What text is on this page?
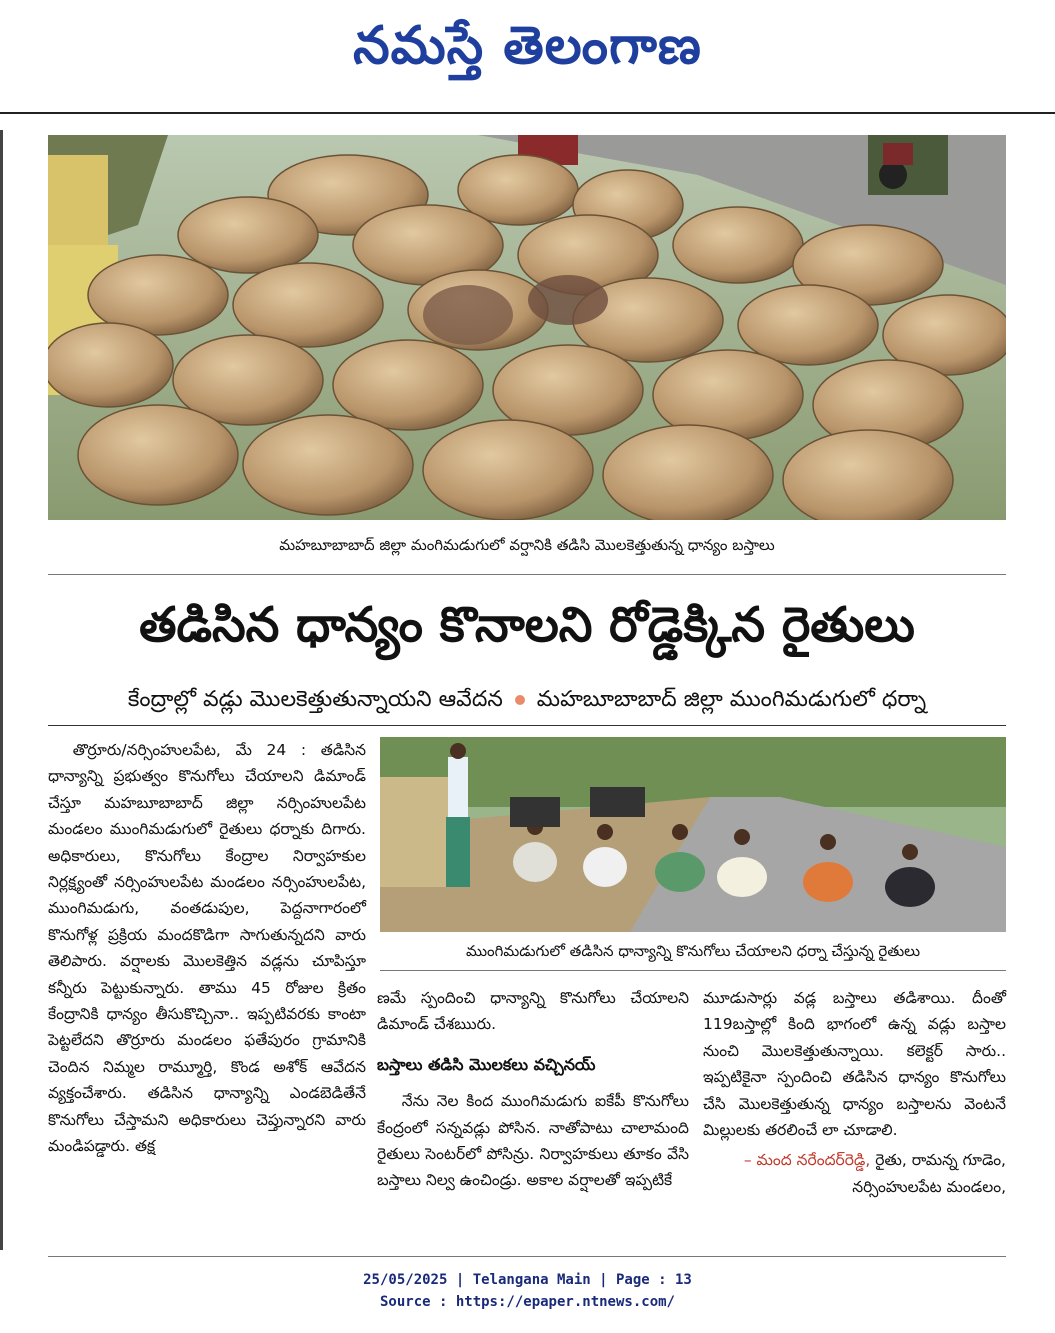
నమస్తే తెలంగాణ
మహబూబాబాద్ జిల్లా మంగిమడుగులో వర్షానికి తడిసి మొలకెత్తుతున్న ధాన్యం బస్తాలు
తడిసిన ధాన్యం కొనాలని రోడ్డెక్కిన రైతులు
కేంద్రాల్లో వడ్లు మొలకెత్తుతున్నాయని ఆవేదన మహబూబాబాద్ జిల్లా ముంగిమడుగులో ధర్నా
ముంగిమడుగులో తడిసిన ధాన్యాన్ని కొనుగోలు చేయాలని ధర్నా చేస్తున్న రైతులు

తొర్రూరు/నర్సింహులపేట, మే 24 : తడిసిన ధాన్యాన్ని ప్రభుత్వం కొనుగోలు చేయాలని డిమాండ్ చేస్తూ మహబూబాబాద్ జిల్లా నర్సింహులపేట మండలం ముంగిమడుగులో రైతులు ధర్నాకు దిగారు. అధికారులు, కొనుగోలు కేంద్రాల నిర్వాహకుల నిర్లక్ష్యంతో నర్సింహులపేట మండలం నర్సింహులపేట, ముంగిమడుగు, వంతడుపుల, పెద్దనాగారంలో కొనుగోళ్ల ప్రక్రియ మందకొడిగా సాగుతున్నదని వారు తెలిపారు. వర్షాలకు మొలకెత్తిన వడ్లను చూపిస్తూ కన్నీరు పెట్టుకున్నారు. తాము 45 రోజుల క్రితం కేంద్రానికి ధాన్యం తీసుకొచ్చినా.. ఇప్పటివరకు కాంటా పెట్టలేదని తొర్రూరు మండలం ఫతేపురం గ్రామానికి చెందిన నిమ్మల రామ్మూర్తి, కొండ అశోక్ ఆవేదన వ్యక్తంచేశారు. తడిసిన ధాన్యాన్ని ఎండబెడితేనే కొనుగోలు చేస్తామని అధికారులు చెప్తున్నారని వారు మండిపడ్డారు. తక్ష

ణమే స్పందించి ధాన్యాన్ని కొనుగోలు చేయాలని డిమాండ్ చేశఋరు.

బస్తాలు తడిసి మొలకలు వచ్చినయ్

నేను నెల కింద ముంగిమడుగు ఐకేపీ కొనుగోలు కేంద్రంలో సన్నవడ్లు పోసిన. నాతోపాటు చాలామంది రైతులు సెంటర్‌లో పోసిన్రు. నిర్వాహకులు తూకం వేసి బస్తాలు నిల్వ ఉంచిండ్రు. అకాల వర్షాలతో ఇప్పటికే

మూడుసార్లు వడ్ల బస్తాలు తడిశాయి. దీంతో 119బస్తాల్లో కింది భాగంలో ఉన్న వడ్లు బస్తాల నుంచి మొలకెత్తుతున్నాయి. కలెక్టర్ సారు.. ఇప్పటికైనా స్పందించి తడిసిన ధాన్యం కొనుగోలు చేసి మొలకెత్తుతున్న ధాన్యం బస్తాలను వెంటనే మిల్లులకు తరలించే లా చూడాలి.

– మంద నరేందర్‌రెడ్డి, రైతు, రామన్న గూడెం, నర్సింహులపేట మండలం,

25/05/2025 | Telangana Main | Page : 13
Source : https://epaper.ntnews.com/
